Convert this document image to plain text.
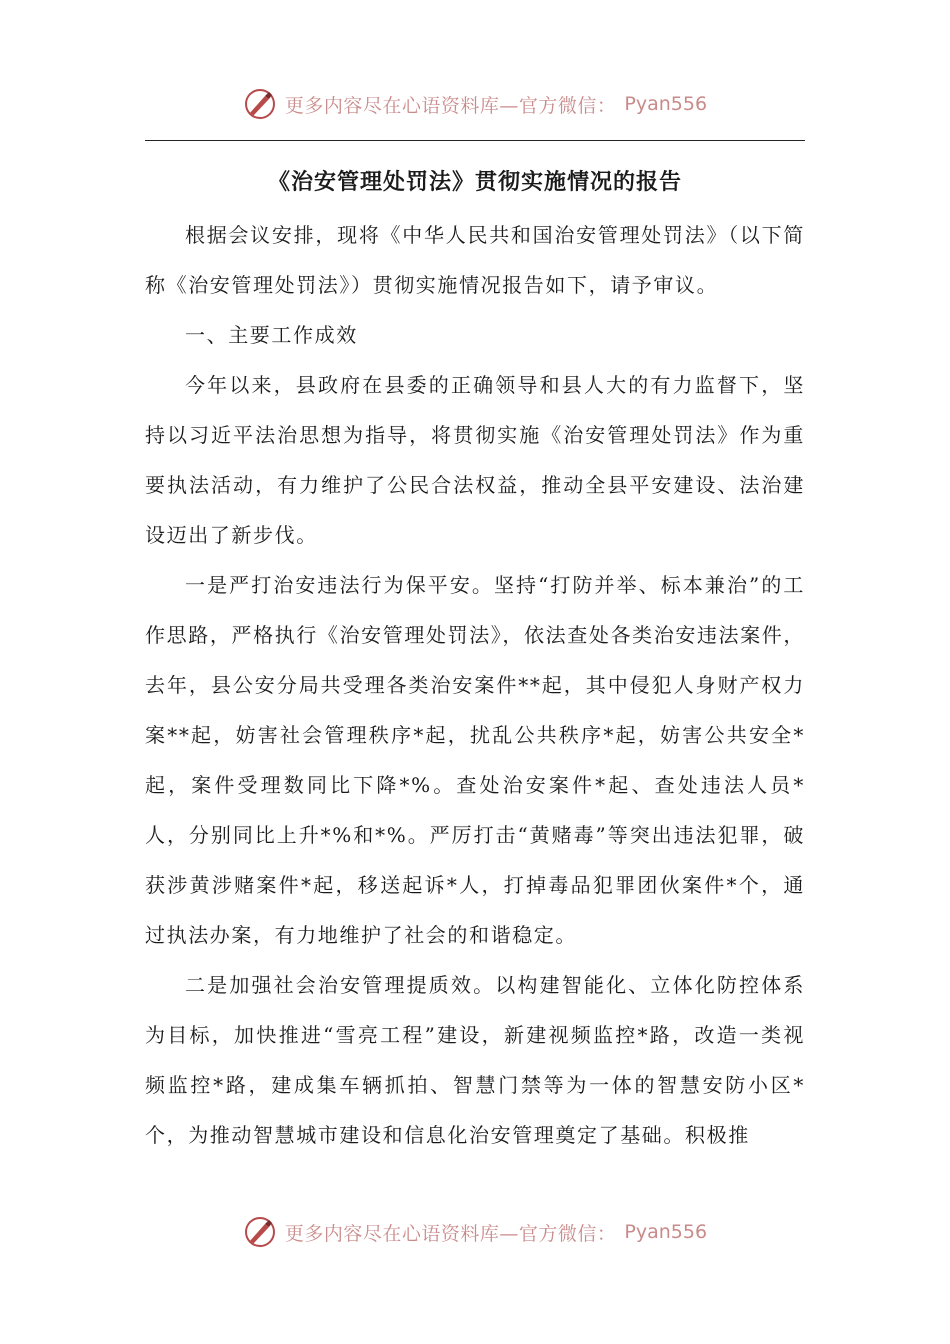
更多内容尽在心语资料库—官方微信： Pyan556
《治安管理处罚法》贯彻实施情况的报告

根据会议安排，现将《中华人民共和国治安管理处罚法》（以下简称《治安管理处罚法》）贯彻实施情况报告如下，请予审议。

一、主要工作成效

今年以来，县政府在县委的正确领导和县人大的有力监督下，坚持以习近平法治思想为指导，将贯彻实施《治安管理处罚法》作为重要执法活动，有力维护了公民合法权益，推动全县平安建设、法治建设迈出了新步伐。

一是严打治安违法行为保平安。坚持“打防并举、标本兼治”的工作思路，严格执行《治安管理处罚法》，依法查处各类治安违法案件，去年，县公安分局共受理各类治安案件**起，其中侵犯人身财产权力案**起，妨害社会管理秩序*起，扰乱公共秩序*起，妨害公共安全*起，案件受理数同比下降*%。查处治安案件*起、查处违法人员*人，分别同比上升*%和*%。严厉打击“黄赌毒”等突出违法犯罪，破获涉黄涉赌案件*起，移送起诉*人，打掉毒品犯罪团伙案件*个，通过执法办案，有力地维护了社会的和谐稳定。

二是加强社会治安管理提质效。以构建智能化、立体化防控体系为目标，加快推进“雪亮工程”建设，新建视频监控*路，改造一类视频监控*路，建成集车辆抓拍、智慧门禁等为一体的智慧安防小区*个，为推动智慧城市建设和信息化治安管理奠定了基础。积极推

更多内容尽在心语资料库—官方微信： Pyan556
